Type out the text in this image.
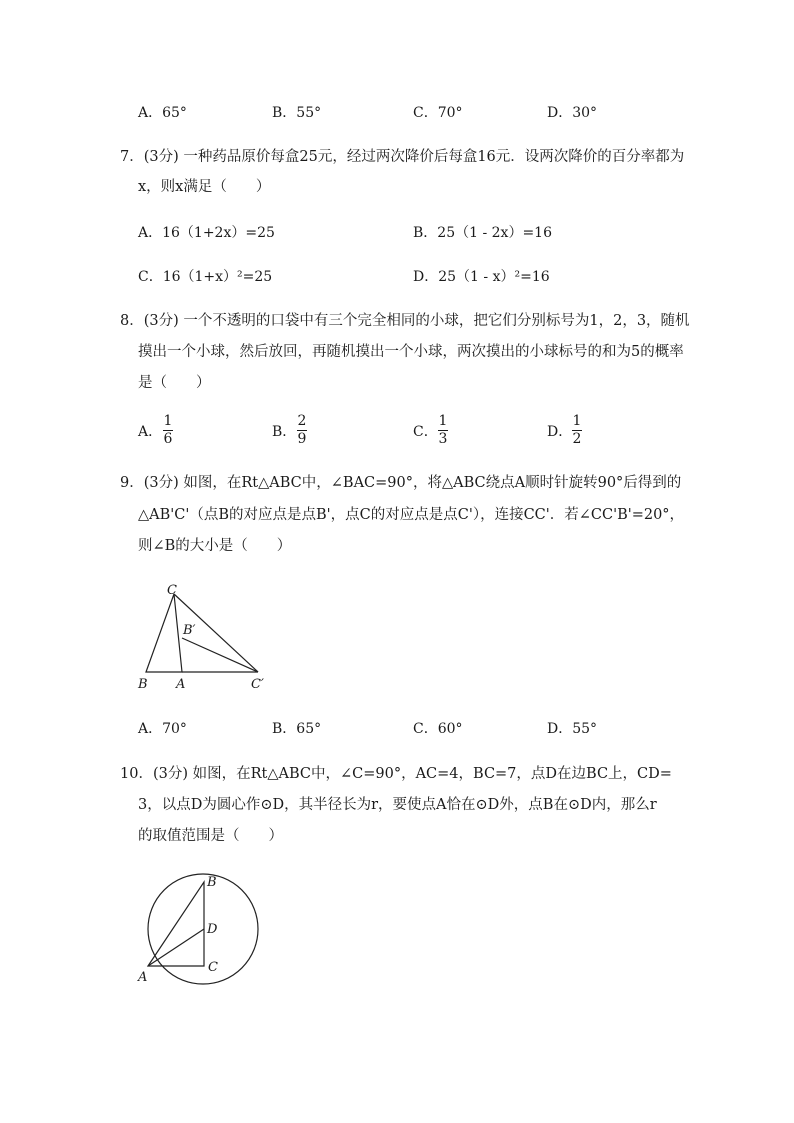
A．65°	B．55°	C．70°	D．30°
7．(3分) 一种药品原价每盒25元，经过两次降价后每盒16元．设两次降价的百分率都为
x，则x满足（　　）
A．16（1+2x）=25	B．25（1 - 2x）=16
C．16（1+x）²=25	D．25（1 - x）²=16
8．(3分) 一个不透明的口袋中有三个完全相同的小球，把它们分别标号为1，2，3，随机
摸出一个小球，然后放回，再随机摸出一个小球，两次摸出的小球标号的和为5的概率
是（　　）
A．
1
6	B．
2
9	C．
1
3	D．
1
2
9．(3分) 如图，在Rt△ABC中，∠BAC=90°，将△ABC绕点A顺时针旋转90°后得到的
△AB'C'（点B的对应点是点B'，点C的对应点是点C'），连接CC'．若∠CC'B'=20°，
则∠B的大小是（　　）
C
B′
B A	C′
A．70°	B．65°	C．60°	D．55°
10．(3分) 如图，在Rt△ABC中，∠C=90°，AC=4，BC=7，点D在边BC上，CD=
3，以点D为圆心作⊙D，其半径长为r，要使点A恰在⊙D外，点B在⊙D内，那么r
的取值范围是（　　）
B
D
A
C
